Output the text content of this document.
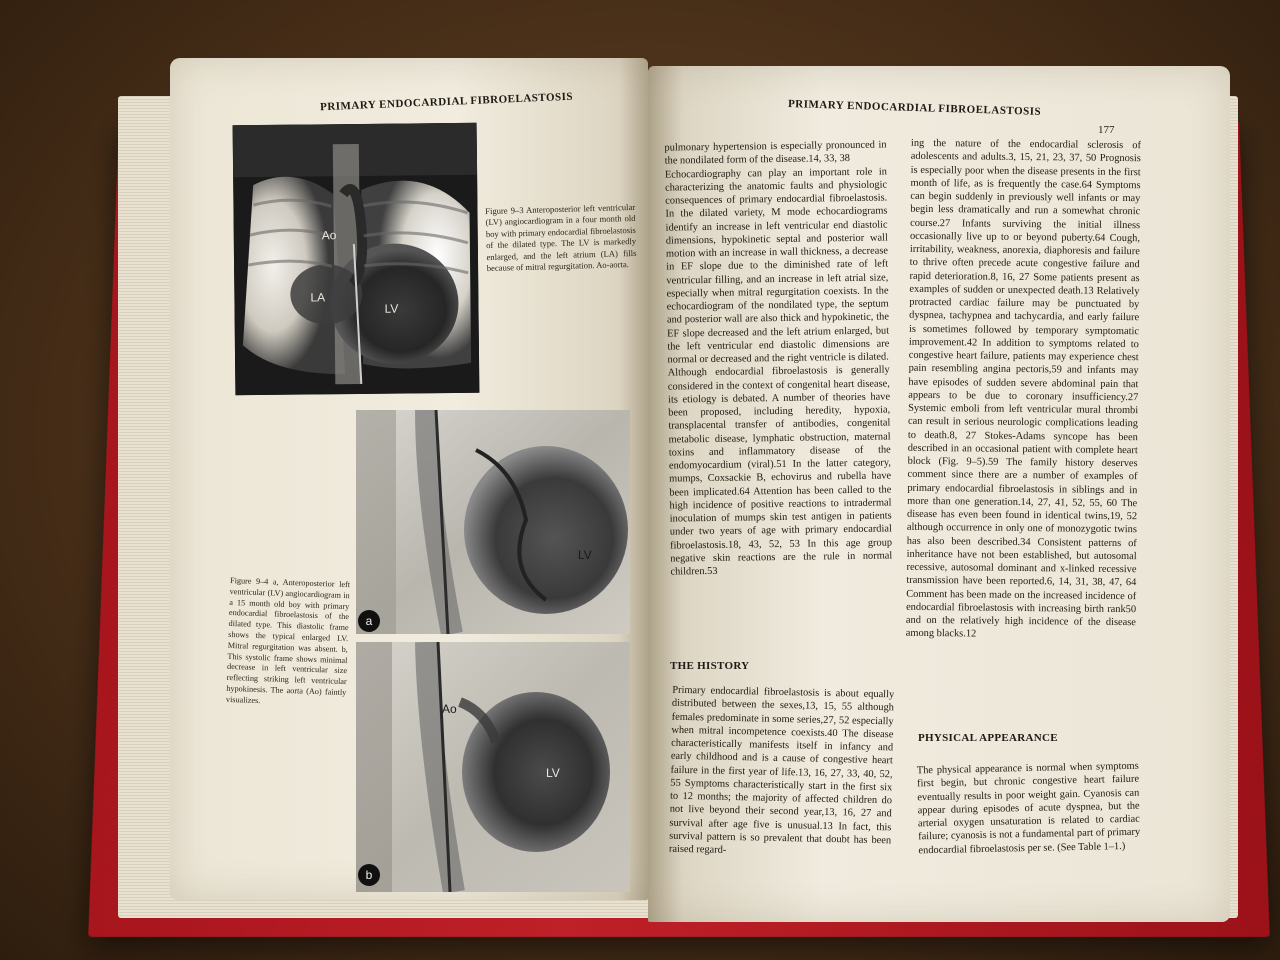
PRIMARY ENDOCARDIAL FIBROELASTOSIS
Ao
LA
LV
Figure 9–3 Anteroposterior left ventricular (LV) angiocardiogram in a four month old boy with primary endocardial fibroelastosis of the dilated type. The LV is markedly enlarged, and the left atrium (LA) fills because of mitral regurgitation. Ao-aorta.
LV
a
Ao
LV
b
Figure 9–4 a, Anteroposterior left ventricular (LV) angiocardiogram in a 15 month old boy with primary endocardial fibroelastosis of the dilated type. This diastolic frame shows the typical enlarged LV. Mitral regurgitation was absent. b, This systolic frame shows minimal decrease in left ventricular size reflecting striking left ventricular hypokinesis. The aorta (Ao) faintly visualizes.
PRIMARY ENDOCARDIAL FIBROELASTOSIS
177
pulmonary hypertension is especially pronounced in the nondilated form of the disease.14, 33, 38
Echocardiography can play an important role in characterizing the anatomic faults and physiologic consequences of primary endocardial fibroelastosis. In the dilated variety, M mode echocardiograms identify an increase in left ventricular end diastolic dimensions, hypokinetic septal and posterior wall motion with an increase in wall thickness, a decrease in EF slope due to the diminished rate of left ventricular filling, and an increase in left atrial size, especially when mitral regurgitation coexists. In the echocardiogram of the nondilated type, the septum and posterior wall are also thick and hypokinetic, the EF slope decreased and the left atrium enlarged, but the left ventricular end diastolic dimensions are normal or decreased and the right ventricle is dilated.
Although endocardial fibroelastosis is generally considered in the context of congenital heart disease, its etiology is debated. A number of theories have been proposed, including heredity, hypoxia, transplacental transfer of antibodies, congenital metabolic disease, lymphatic obstruction, maternal toxins and inflammatory disease of the endomyocardium (viral).51 In the latter category, mumps, Coxsackie B, echovirus and rubella have been implicated.64 Attention has been called to the high incidence of positive reactions to intradermal inoculation of mumps skin test antigen in patients under two years of age with primary endocardial fibroelastosis.18, 43, 52, 53 In this age group negative skin reactions are the rule in normal children.53
THE HISTORY
Primary endocardial fibroelastosis is about equally distributed between the sexes,13, 15, 55 although females predominate in some series,27, 52 especially when mitral incompetence coexists.40 The disease characteristically manifests itself in infancy and early childhood and is a cause of congestive heart failure in the first year of life.13, 16, 27, 33, 40, 52, 55 Symptoms characteristically start in the first six to 12 months; the majority of affected children do not live beyond their second year,13, 16, 27 and survival after age five is unusual.13 In fact, this survival pattern is so prevalent that doubt has been raised regard-
ing the nature of the endocardial sclerosis of adolescents and adults.3, 15, 21, 23, 37, 50 Prognosis is especially poor when the disease presents in the first month of life, as is frequently the case.64 Symptoms can begin suddenly in previously well infants or may begin less dramatically and run a somewhat chronic course.27 Infants surviving the initial illness occasionally live up to or beyond puberty.64 Cough, irritability, weakness, anorexia, diaphoresis and failure to thrive often precede acute congestive failure and rapid deterioration.8, 16, 27 Some patients present as examples of sudden or unexpected death.13 Relatively protracted cardiac failure may be punctuated by dyspnea, tachypnea and tachycardia, and early failure is sometimes followed by temporary symptomatic improvement.42 In addition to symptoms related to congestive heart failure, patients may experience chest pain resembling angina pectoris,59 and infants may have episodes of sudden severe abdominal pain that appears to be due to coronary insufficiency.27 Systemic emboli from left ventricular mural thrombi can result in serious neurologic complications leading to death.8, 27 Stokes-Adams syncope has been described in an occasional patient with complete heart block (Fig. 9–5).59 The family history deserves comment since there are a number of examples of primary endocardial fibroelastosis in siblings and in more than one generation.14, 27, 41, 52, 55, 60 The disease has even been found in identical twins,19, 52 although occurrence in only one of monozygotic twins has also been described.34 Consistent patterns of inheritance have not been established, but autosomal recessive, autosomal dominant and x-linked recessive transmission have been reported.6, 14, 31, 38, 47, 64 Comment has been made on the increased incidence of endocardial fibroelastosis with increasing birth rank50 and on the relatively high incidence of the disease among blacks.12
PHYSICAL APPEARANCE
The physical appearance is normal when symptoms first begin, but chronic congestive heart failure eventually results in poor weight gain. Cyanosis can appear during episodes of acute dyspnea, but the arterial oxygen unsaturation is related to cardiac failure; cyanosis is not a fundamental part of primary endocardial fibroelastosis per se. (See Table 1–1.)
